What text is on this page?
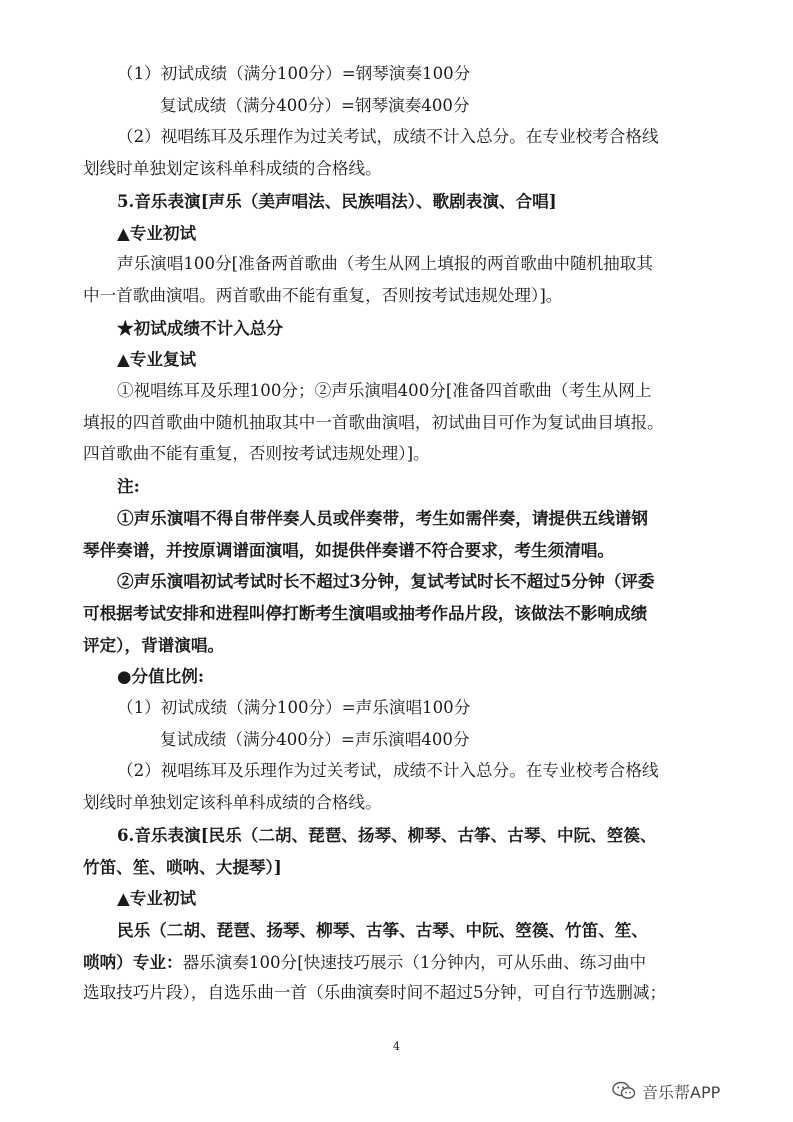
（1）初试成绩（满分100分）=钢琴演奏100分
复试成绩（满分400分）=钢琴演奏400分
（2）视唱练耳及乐理作为过关考试，成绩不计入总分。在专业校考合格线
划线时单独划定该科单科成绩的合格线。
5.音乐表演[声乐（美声唱法、民族唱法）、歌剧表演、合唱]
▲专业初试
声乐演唱100分[准备两首歌曲（考生从网上填报的两首歌曲中随机抽取其
中一首歌曲演唱。两首歌曲不能有重复，否则按考试违规处理）]。
★初试成绩不计入总分
▲专业复试
①视唱练耳及乐理100分；②声乐演唱400分[准备四首歌曲（考生从网上
填报的四首歌曲中随机抽取其中一首歌曲演唱，初试曲目可作为复试曲目填报。
四首歌曲不能有重复，否则按考试违规处理）]。
注:
①声乐演唱不得自带伴奏人员或伴奏带，考生如需伴奏，请提供五线谱钢
琴伴奏谱，并按原调谱面演唱，如提供伴奏谱不符合要求，考生须清唱。
②声乐演唱初试考试时长不超过3分钟，复试考试时长不超过5分钟（评委
可根据考试安排和进程叫停打断考生演唱或抽考作品片段，该做法不影响成绩
评定），背谱演唱。
●分值比例:
（1）初试成绩（满分100分）=声乐演唱100分
复试成绩（满分400分）=声乐演唱400分
（2）视唱练耳及乐理作为过关考试，成绩不计入总分。在专业校考合格线
划线时单独划定该科单科成绩的合格线。
6.音乐表演[民乐（二胡、琵琶、扬琴、柳琴、古筝、古琴、中阮、箜篌、
竹笛、笙、唢呐、大提琴）]
▲专业初试
民乐（二胡、琵琶、扬琴、柳琴、古筝、古琴、中阮、箜篌、竹笛、笙、
唢呐）专业：器乐演奏100分[快速技巧展示（1分钟内，可从乐曲、练习曲中
选取技巧片段），自选乐曲一首（乐曲演奏时间不超过5分钟，可自行节选删减；
4
音乐帮APP
